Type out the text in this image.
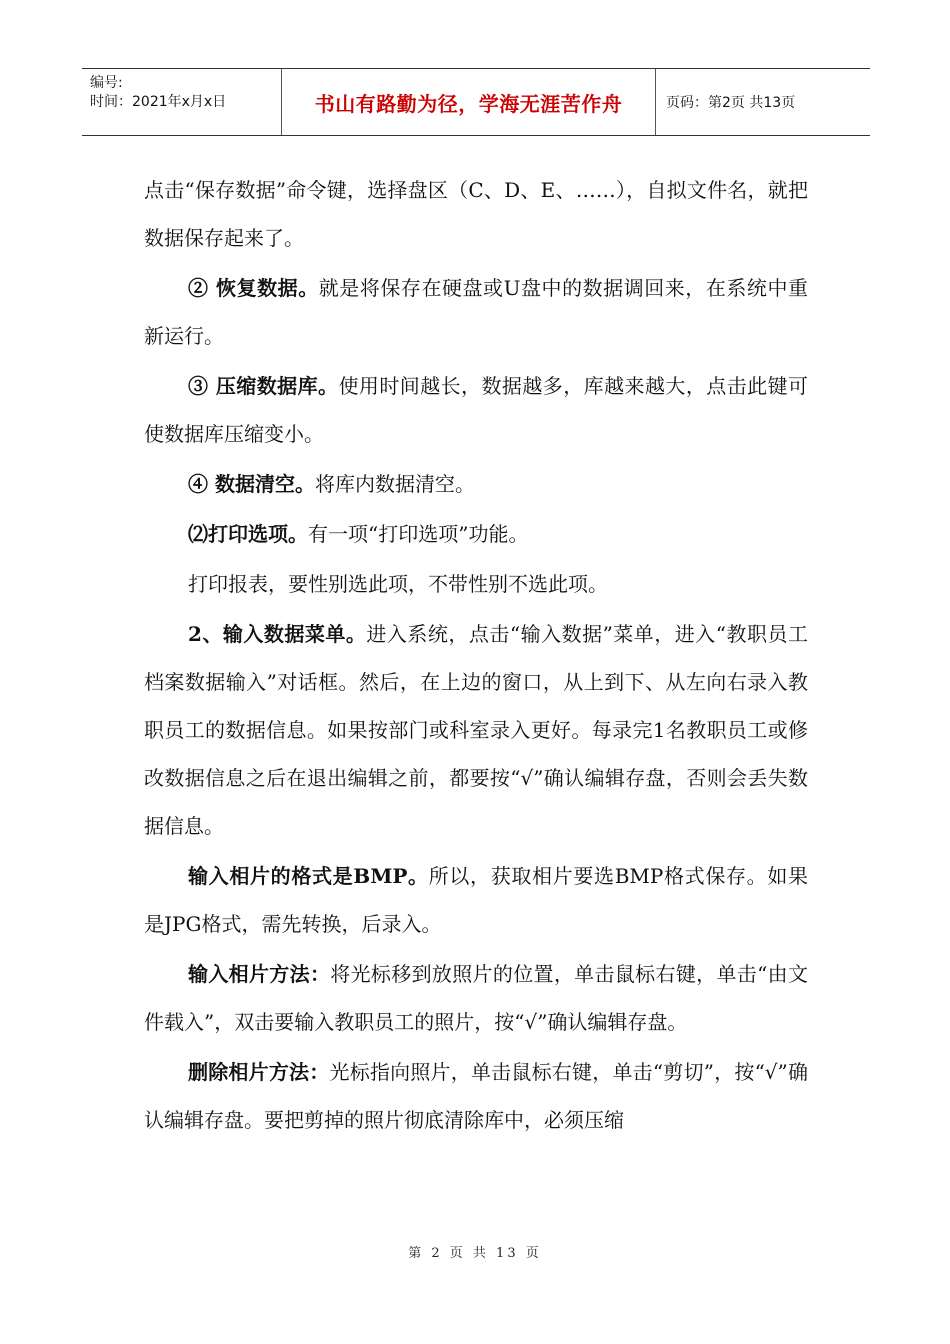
编号:
时间：2021年x月x日	书山有路勤为径，学海无涯苦作舟	页码：第2页 共13页

点击“保存数据”命令键，选择盘区（C、D、E、……），自拟文件名，就把数据保存起来了。

② 恢复数据。就是将保存在硬盘或U盘中的数据调回来，在系统中重新运行。

③ 压缩数据库。使用时间越长，数据越多，库越来越大，点击此键可使数据库压缩变小。

④ 数据清空。将库内数据清空。

⑵打印选项。有一项“打印选项”功能。

打印报表，要性别选此项，不带性别不选此项。

2、输入数据菜单。进入系统，点击“输入数据”菜单，进入“教职员工档案数据输入”对话框。然后，在上边的窗口，从上到下、从左向右录入教职员工的数据信息。如果按部门或科室录入更好。每录完1名教职员工或修改数据信息之后在退出编辑之前，都要按“√”确认编辑存盘，否则会丢失数据信息。

输入相片的格式是BMP。所以，获取相片要选BMP格式保存。如果是JPG格式，需先转换，后录入。

输入相片方法：将光标移到放照片的位置，单击鼠标右键，单击“由文件载入”，双击要输入教职员工的照片，按“√”确认编辑存盘。

删除相片方法：光标指向照片，单击鼠标右键，单击“剪切”，按“√”确认编辑存盘。要把剪掉的照片彻底清除库中，必须压缩

第 2 页 共 13 页
